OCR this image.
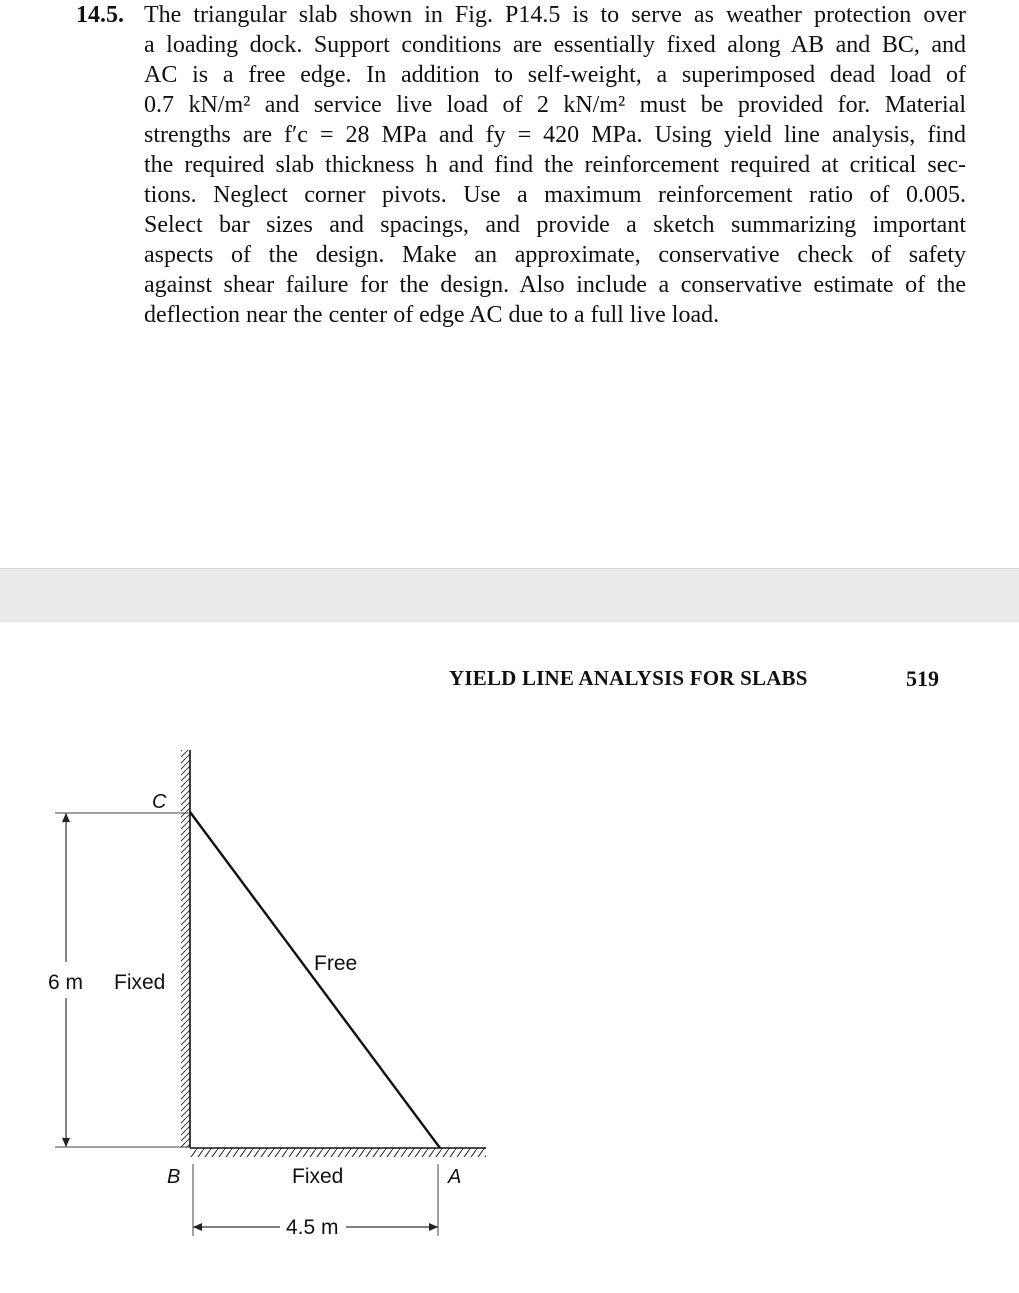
14.5. The triangular slab shown in Fig. P14.5 is to serve as weather protection over
a loading dock. Support conditions are essentially fixed along AB and BC, and
AC is a free edge. In addition to self-weight, a superimposed dead load of
0.7 kN/m² and service live load of 2 kN/m² must be provided for. Material
strengths are f′c = 28 MPa and fy = 420 MPa. Using yield line analysis, find
the required slab thickness h and find the reinforcement required at critical sec-
tions. Neglect corner pivots. Use a maximum reinforcement ratio of 0.005.
Select bar sizes and spacings, and provide a sketch summarizing important
aspects of the design. Make an approximate, conservative check of safety
against shear failure for the design. Also include a conservative estimate of the
deflection near the center of edge AC due to a full live load.
YIELD LINE ANALYSIS FOR SLABS	519
C
B	A
Free
Fixed
Fixed
6 m
4.5 m
